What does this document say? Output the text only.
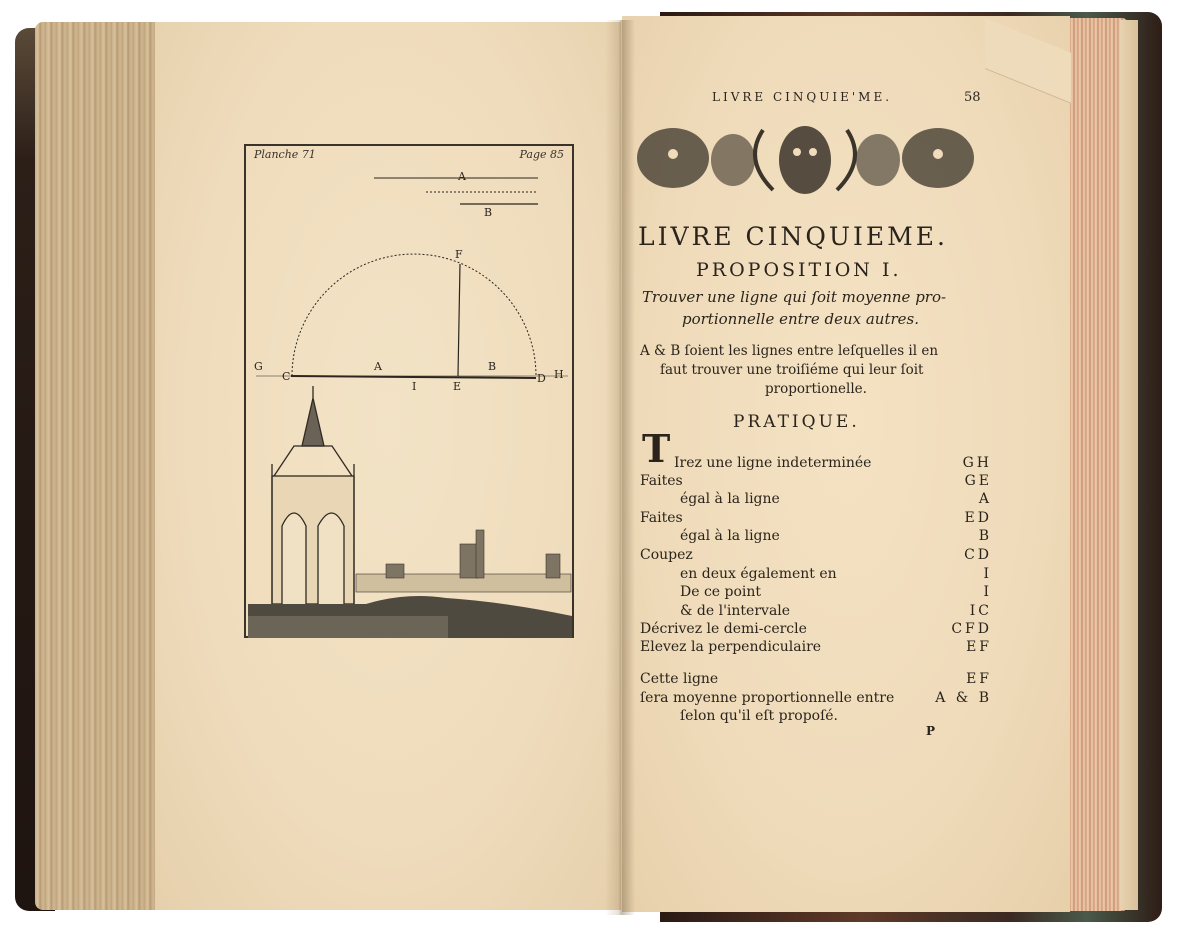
Planche 71	Page 85
A
B
G
C
A
I	E
B
D H
F
LIVRE CINQUIE'ME.	58
LIVRE CINQUIEME.
PROPOSITION I.
Trouver une ligne qui ſoit moyenne pro-
portionnelle entre deux autres.
A & B ſoient les lignes entre leſquelles il en
faut trouver une troiſiéme qui leur ſoit
proportionelle.
PRATIQUE.
T Irez une ligne indeterminée	GH
Faites	GE
égal à la ligne	A
Faites	ED
égal à la ligne	B
Coupez	CD
en deux également en	I
De ce point	I
& de l'intervale	IC
Décrivez le demi-cercle	CFD
Elevez la perpendiculaire	EF
Cette ligne	EF
ſera moyenne proportionnelle entre	A & B
ſelon qu'il eſt propoſé.
P
